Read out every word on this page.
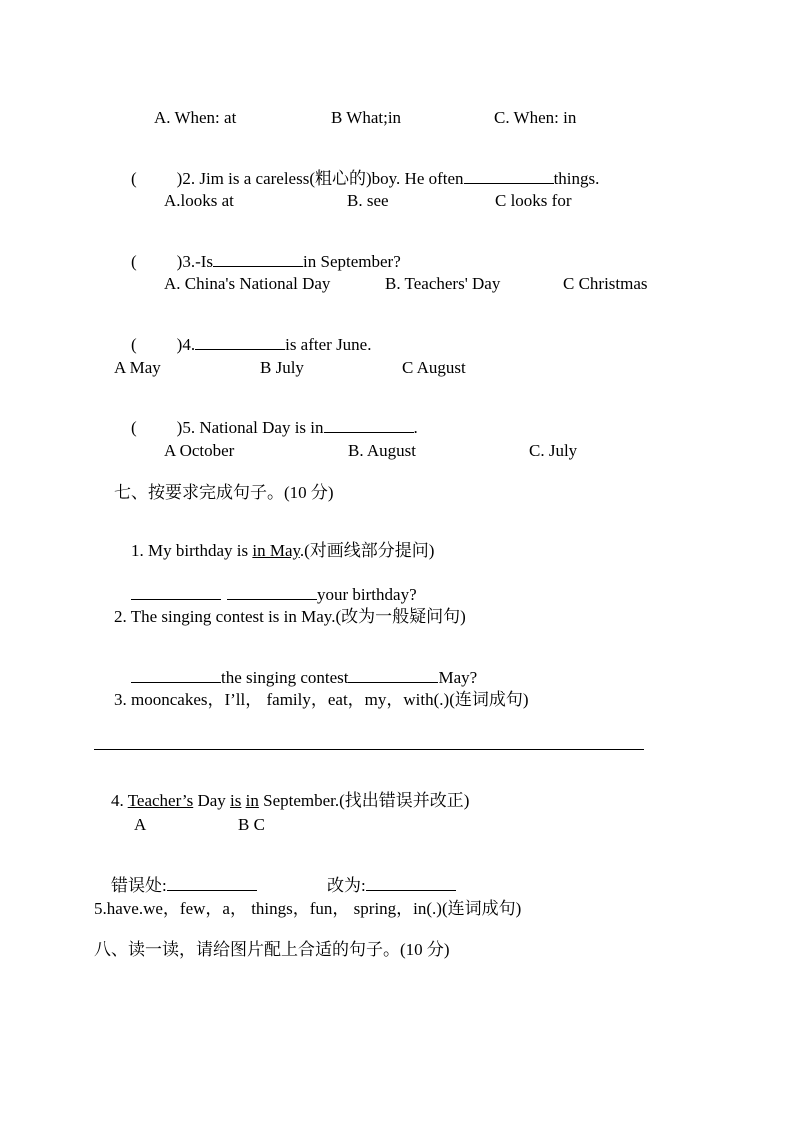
A. When: at	B What;in	C. When: in

( )2. Jim is a careless(粗心的)boy. He often	things.

A.looks at	B. see	C looks for

( )3.-Is	in September?

A. China's National Day	B. Teachers' Day	C Christmas

( )4.	is after June.

A May	B July	C August

( )5. National Day is in	.

A October	B. August	C. July
七、按要求完成句子。(10 分)

1. My birthday is in May.(对画线部分提问)

your birthday?

2. The singing contest is in May.(改为一般疑问句)

the singing contest	May?

3. mooncakes，I’ll， family，eat，my，with(.)(连词成句)

4. Teacher’s Day is in September.(找出错误并改正)

A	B C

错误处:
	改为:

5.have.we，few，a， things，fun， spring，in(.)(连词成句)
八、读一读，请给图片配上合适的句子。(10 分)
